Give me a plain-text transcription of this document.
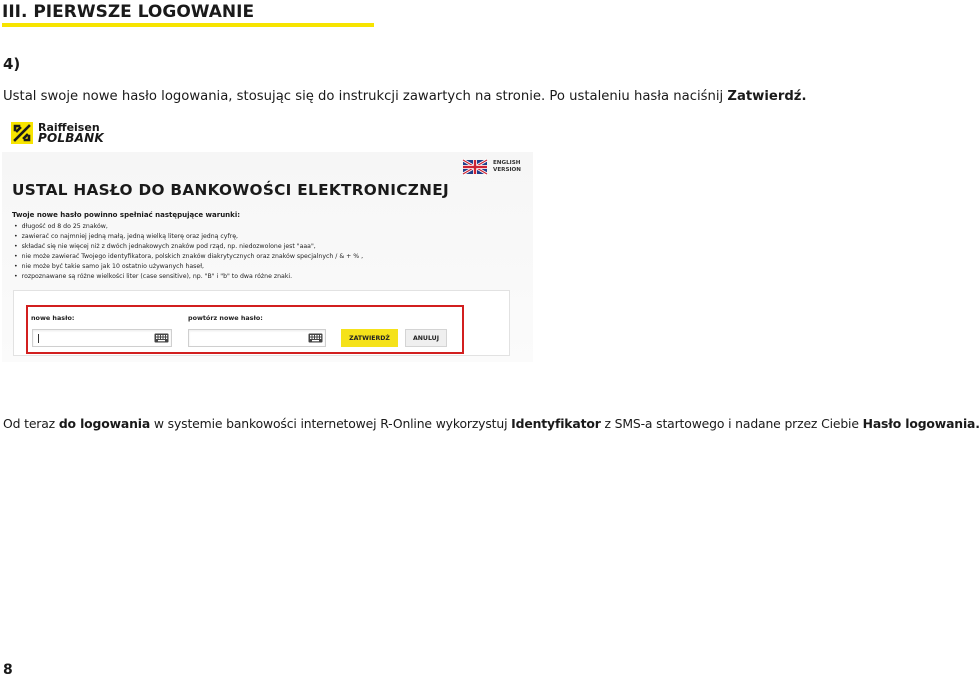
III. PIERWSZE LOGOWANIE
4)
Ustal swoje nowe hasło logowania, stosując się do instrukcji zawartych na stronie. Po ustaleniu hasła naciśnij Zatwierdź.
Raiffeisen
POLBANK
ENGLISH
VERSION
USTAL HASŁO DO BANKOWOŚCI ELEKTRONICZNEJ
Twoje nowe hasło powinno spełniać następujące warunki:
• długość od 8 do 25 znaków,
• zawierać co najmniej jedną małą, jedną wielką literę oraz jedną cyfrę,
• składać się nie więcej niż z dwóch jednakowych znaków pod rząd, np. niedozwolone jest "aaa",
• nie może zawierać Twojego identyfikatora, polskich znaków diakrytycznych oraz znaków specjalnych / & + % ,
• nie może być takie samo jak 10 ostatnio używanych haseł,
• rozpoznawane są różne wielkości liter (case sensitive), np. "B" i "b" to dwa różne znaki.
nowe hasło:	powtórz nowe hasło:
ZATWIERDŹ	ANULUJ
Od teraz do logowania w systemie bankowości internetowej R-Online wykorzystuj Identyfikator z SMS-a startowego i nadane przez Ciebie Hasło logowania.
8
